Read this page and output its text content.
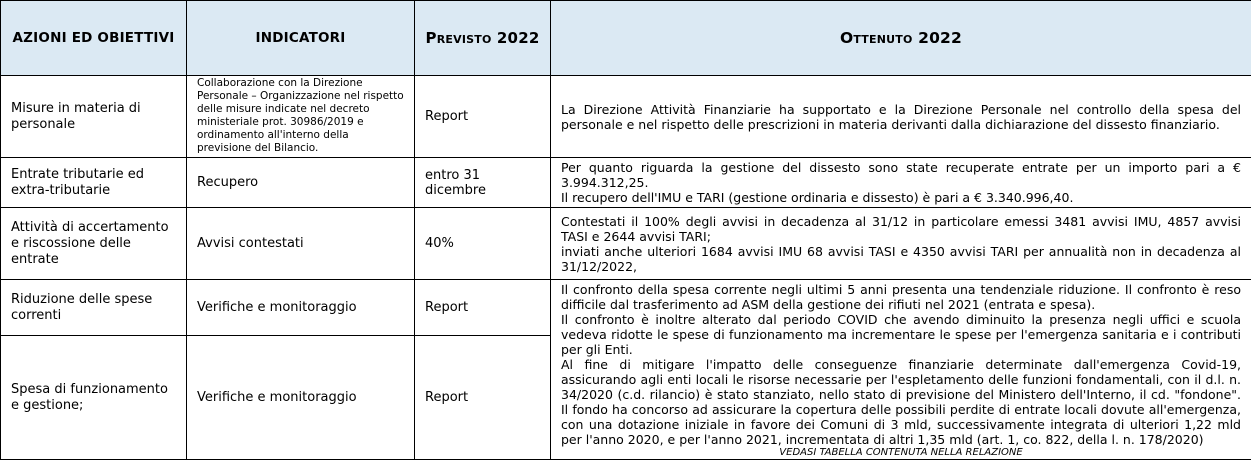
AZIONI ED OBIETTIVI	INDICATORI	Previsto 2022	Ottenuto 2022
Misure in materia di personale	Collaborazione con la Direzione Personale – Organizzazione nel rispetto delle misure indicate nel decreto ministeriale prot. 30986/2019 e ordinamento all'interno della previsione del Bilancio.	Report	La Direzione Attività Finanziarie ha supportato e la Direzione Personale nel controllo della spesa del personale e nel rispetto delle prescrizioni in materia derivanti dalla dichiarazione del dissesto finanziario.
Entrate tributarie ed extra-tributarie	Recupero	entro 31 dicembre	Per quanto riguarda la gestione del dissesto sono state recuperate entrate per un importo pari a € 3.994.312,25.
Il recupero dell'IMU e TARI (gestione ordinaria e dissesto) è pari a € 3.340.996,40.

Attività di accertamento e riscossione delle entrate	Avvisi contestati	40%	Contestati il 100% degli avvisi in decadenza al 31/12 in particolare emessi 3481 avvisi IMU, 4857 avvisi TASI e 2644 avvisi TARI;
inviati anche ulteriori 1684 avvisi IMU 68 avvisi TASI e 4350 avvisi TARI per annualità non in decadenza al 31/12/2022,

Riduzione delle spese correnti	Verifiche e monitoraggio	Report	Il confronto della spesa corrente negli ultimi 5 anni presenta una tendenziale riduzione. Il confronto è reso difficile dal trasferimento ad ASM della gestione dei rifiuti nel 2021 (entrata e spesa).
Il confronto è inoltre alterato dal periodo COVID che avendo diminuito la presenza negli uffici e scuola vedeva ridotte le spese di funzionamento ma incrementare le spese per l'emergenza sanitaria e i contributi per gli Enti.
Al fine di mitigare l'impatto delle conseguenze finanziarie determinate dall'emergenza Covid-19, assicurando agli enti locali le risorse necessarie per l'espletamento delle funzioni fondamentali, con il d.l. n. 34/2020 (c.d. rilancio) è stato stanziato, nello stato di previsione del Ministero dell'Interno, il cd. "fondone". Il fondo ha concorso ad assicurare la copertura delle possibili perdite di entrate locali dovute all'emergenza, con una dotazione iniziale in favore dei Comuni di 3 mld, successivamente integrata di ulteriori 1,22 mld per l'anno 2020, e per l'anno 2021, incrementata di altri 1,35 mld (art. 1, co. 822, della l. n. 178/2020)
VEDASI TABELLA CONTENUTA NELLA RELAZIONE

Spesa di funzionamento e gestione;	Verifiche e monitoraggio	Report	
